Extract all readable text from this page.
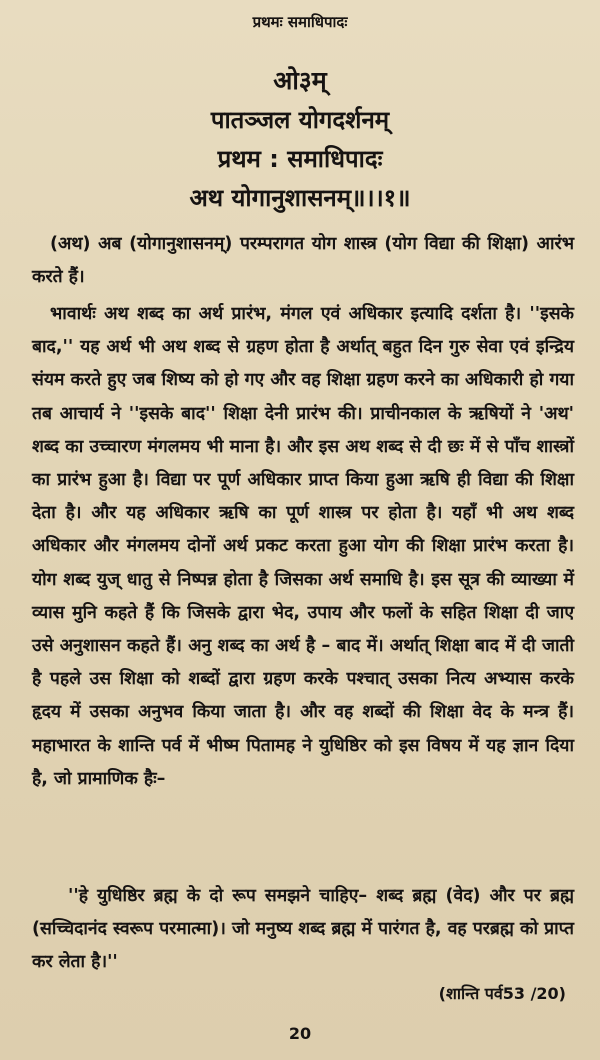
प्रथमः समाधिपादः
ओ३म्
पातञ्जल योगदर्शनम्
प्रथम : समाधिपादः
अथ योगानुशासनम्॥।।१॥
(अथ) अब (योगानुशासनम्) परम्परागत योग शास्त्र (योग विद्या की शिक्षा) आरंभ करते हैं।
भावार्थः अथ शब्द का अर्थ प्रारंभ, मंगल एवं अधिकार इत्यादि दर्शता है। ''इसके बाद,'' यह अर्थ भी अथ शब्द से ग्रहण होता है अर्थात् बहुत दिन गुरु सेवा एवं इन्द्रिय संयम करते हुए जब शिष्य को हो गए और वह शिक्षा ग्रहण करने का अधिकारी हो गया तब आचार्य ने ''इसके बाद'' शिक्षा देनी प्रारंभ की। प्राचीनकाल के ऋषियों ने 'अथ' शब्द का उच्चारण मंगलमय भी माना है। और इस अथ शब्द से दी छः में से पाँच शास्त्रों का प्रारंभ हुआ है। विद्या पर पूर्ण अधिकार प्राप्त किया हुआ ऋषि ही विद्या की शिक्षा देता है। और यह अधिकार ऋषि का पूर्ण शास्त्र पर होता है। यहाँ भी अथ शब्द अधिकार और मंगलमय दोनों अर्थ प्रकट करता हुआ योग की शिक्षा प्रारंभ करता है। योग शब्द युज् धातु से निष्पन्न होता है जिसका अर्थ समाधि है। इस सूत्र की व्याख्या में व्यास मुनि कहते हैं कि जिसके द्वारा भेद, उपाय और फलों के सहित शिक्षा दी जाए उसे अनुशासन कहते हैं। अनु शब्द का अर्थ है – बाद में। अर्थात् शिक्षा बाद में दी जाती है पहले उस शिक्षा को शब्दों द्वारा ग्रहण करके पश्चात् उसका नित्य अभ्यास करके हृदय में उसका अनुभव किया जाता है। और वह शब्दों की शिक्षा वेद के मन्त्र हैं। महाभारत के शान्ति पर्व में भीष्म पितामह ने युधिष्ठिर को इस विषय में यह ज्ञान दिया है, जो प्रामाणिक हैः–
''हे युधिष्ठिर ब्रह्म के दो रूप समझने चाहिए– शब्द ब्रह्म (वेद) और पर ब्रह्म (सच्चिदानंद स्वरूप परमात्मा)। जो मनुष्य शब्द ब्रह्म में पारंगत है, वह परब्रह्म को प्राप्त कर लेता है।''
(शान्ति पर्व53 /20)
20
